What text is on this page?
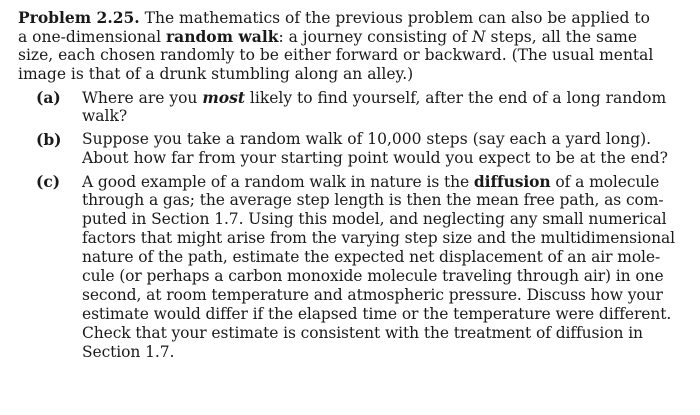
Problem 2.25. The mathematics of the previous problem can also be applied to
a one-dimensional random walk: a journey consisting of N steps, all the same
size, each chosen randomly to be either forward or backward. (The usual mental
image is that of a drunk stumbling along an alley.)
(a) Where are you most likely to find yourself, after the end of a long random
walk?
(b) Suppose you take a random walk of 10,000 steps (say each a yard long).
About how far from your starting point would you expect to be at the end?
(c) A good example of a random walk in nature is the diffusion of a molecule
through a gas; the average step length is then the mean free path, as com-
puted in Section 1.7. Using this model, and neglecting any small numerical
factors that might arise from the varying step size and the multidimensional
nature of the path, estimate the expected net displacement of an air mole-
cule (or perhaps a carbon monoxide molecule traveling through air) in one
second, at room temperature and atmospheric pressure. Discuss how your
estimate would differ if the elapsed time or the temperature were different.
Check that your estimate is consistent with the treatment of diffusion in
Section 1.7.
